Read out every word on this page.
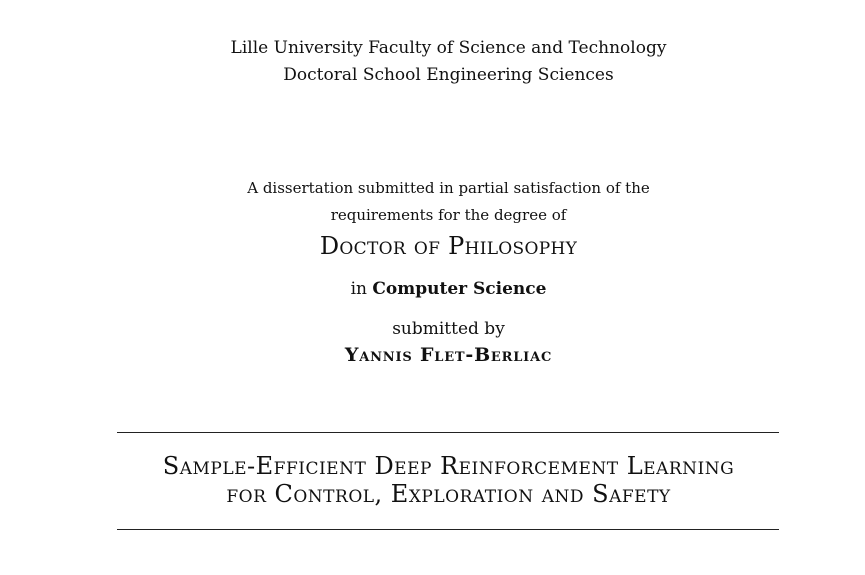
Lille University Faculty of Science and Technology
Doctoral School Engineering Sciences
A dissertation submitted in partial satisfaction of the
requirements for the degree of
Doctor of Philosophy
in Computer Science
submitted by
Yannis Flet-Berliac
Sample-Efficient Deep Reinforcement Learning
for Control, Exploration and Safety
